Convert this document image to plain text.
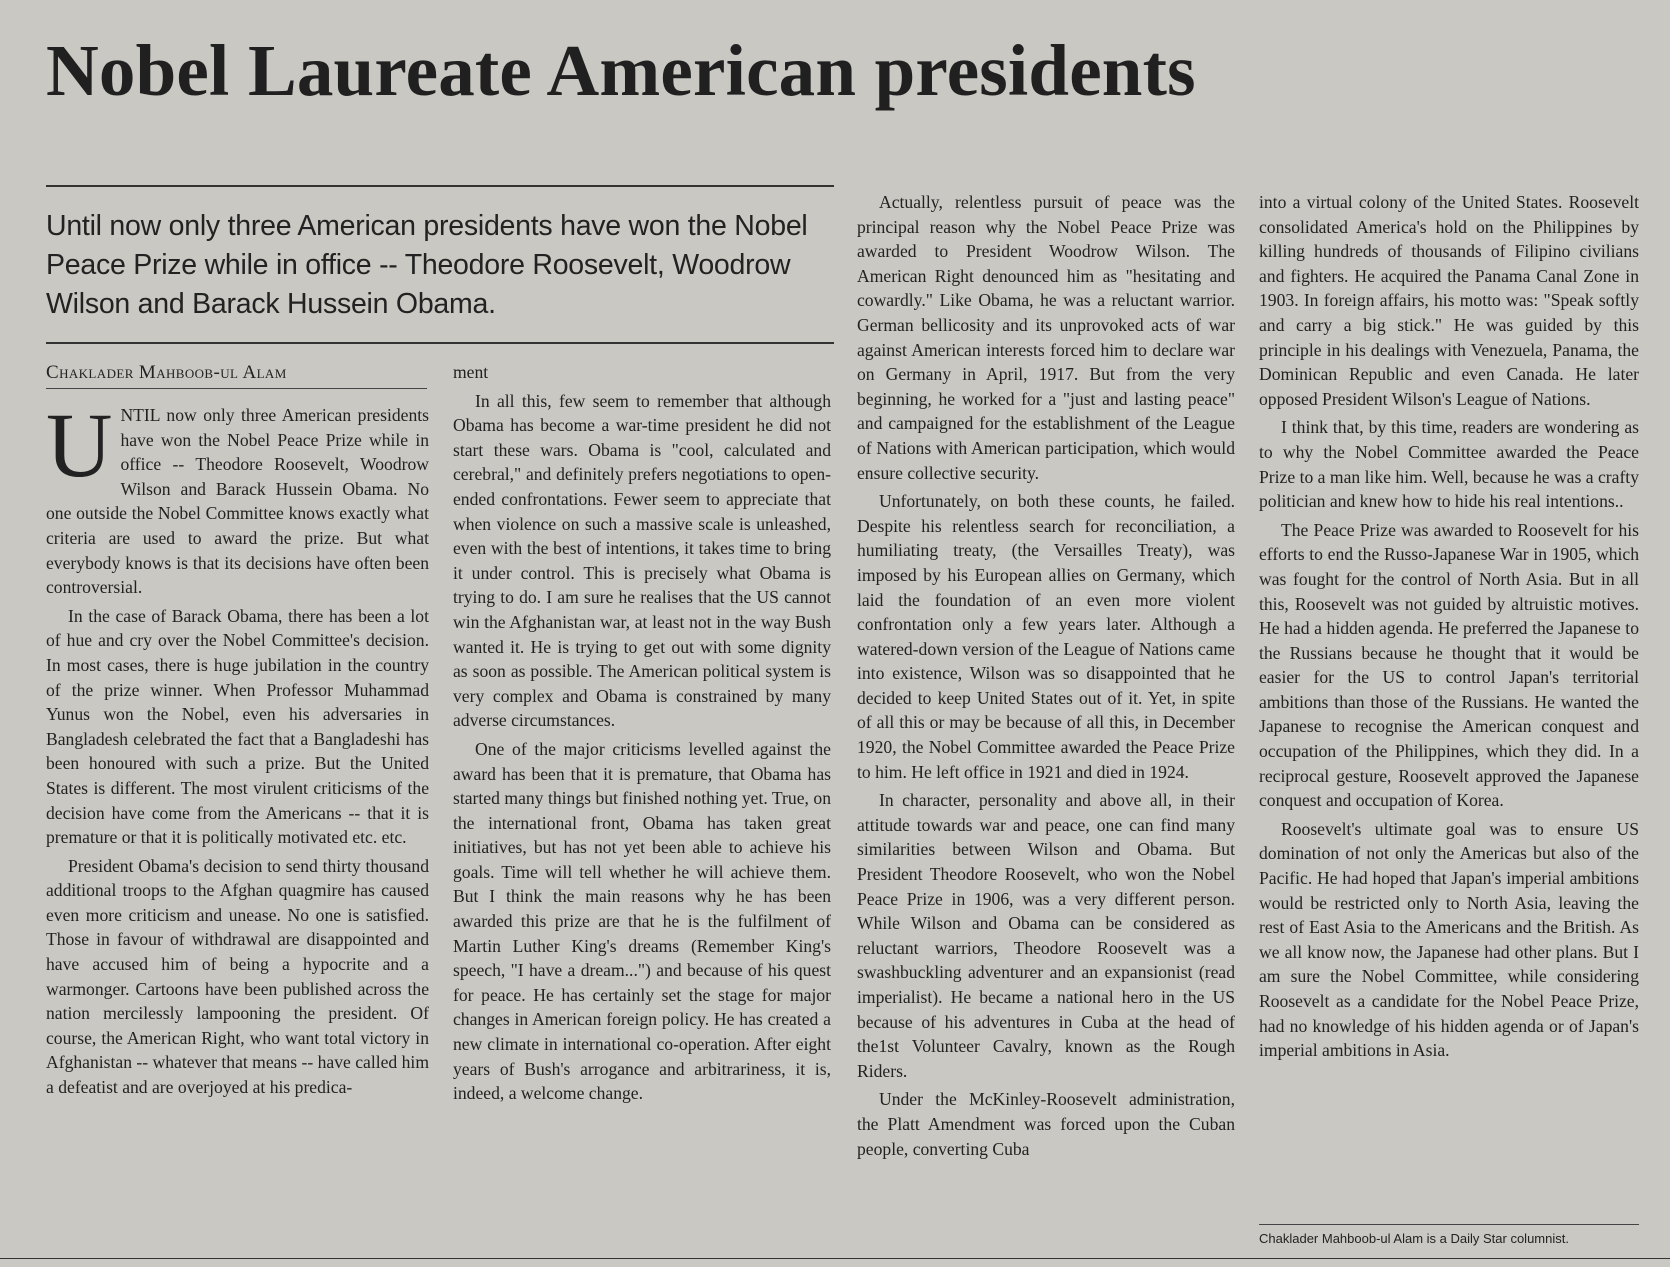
Nobel Laureate American presidents

Until now only three American presidents have won the Nobel Peace Prize while in office -- Theodore Roosevelt, Woodrow Wilson and Barack Hussein Obama.

Chaklader Mahboob-ul Alam

UNTIL now only three American presidents have won the Nobel Peace Prize while in office -- Theodore Roosevelt, Woodrow Wilson and Barack Hussein Obama. No one outside the Nobel Committee knows exactly what criteria are used to award the prize. But what everybody knows is that its decisions have often been controversial.

In the case of Barack Obama, there has been a lot of hue and cry over the Nobel Committee's decision. In most cases, there is huge jubilation in the country of the prize winner. When Professor Muhammad Yunus won the Nobel, even his adversaries in Bangladesh celebrated the fact that a Bangladeshi has been honoured with such a prize. But the United States is different. The most virulent criticisms of the decision have come from the Americans -- that it is premature or that it is politically motivated etc. etc.

President Obama's decision to send thirty thousand additional troops to the Afghan quagmire has caused even more criticism and unease. No one is satisfied. Those in favour of withdrawal are disappointed and have accused him of being a hypocrite and a warmonger. Cartoons have been published across the nation mercilessly lampooning the president. Of course, the American Right, who want total victory in Afghanistan -- whatever that means -- have called him a defeatist and are overjoyed at his predica-

ment

In all this, few seem to remember that although Obama has become a war-time president he did not start these wars. Obama is "cool, calculated and cerebral," and definitely prefers negotiations to open-ended confrontations. Fewer seem to appreciate that when violence on such a massive scale is unleashed, even with the best of intentions, it takes time to bring it under control. This is precisely what Obama is trying to do. I am sure he realises that the US cannot win the Afghanistan war, at least not in the way Bush wanted it. He is trying to get out with some dignity as soon as possible. The American political system is very complex and Obama is constrained by many adverse circumstances.

One of the major criticisms levelled against the award has been that it is premature, that Obama has started many things but finished nothing yet. True, on the international front, Obama has taken great initiatives, but has not yet been able to achieve his goals. Time will tell whether he will achieve them. But I think the main reasons why he has been awarded this prize are that he is the fulfilment of Martin Luther King's dreams (Remember King's speech, "I have a dream...") and because of his quest for peace. He has certainly set the stage for major changes in American foreign policy. He has created a new climate in international co-operation. After eight years of Bush's arrogance and arbitrariness, it is, indeed, a welcome change.

Actually, relentless pursuit of peace was the principal reason why the Nobel Peace Prize was awarded to President Woodrow Wilson. The American Right denounced him as "hesitating and cowardly." Like Obama, he was a reluctant warrior. German bellicosity and its unprovoked acts of war against American interests forced him to declare war on Germany in April, 1917. But from the very beginning, he worked for a "just and lasting peace" and campaigned for the establishment of the League of Nations with American participation, which would ensure collective security.

Unfortunately, on both these counts, he failed. Despite his relentless search for reconciliation, a humiliating treaty, (the Versailles Treaty), was imposed by his European allies on Germany, which laid the foundation of an even more violent confrontation only a few years later. Although a watered-down version of the League of Nations came into existence, Wilson was so disappointed that he decided to keep United States out of it. Yet, in spite of all this or may be because of all this, in December 1920, the Nobel Committee awarded the Peace Prize to him. He left office in 1921 and died in 1924.

In character, personality and above all, in their attitude towards war and peace, one can find many similarities between Wilson and Obama. But President Theodore Roosevelt, who won the Nobel Peace Prize in 1906, was a very different person. While Wilson and Obama can be considered as reluctant warriors, Theodore Roosevelt was a swashbuckling adventurer and an expansionist (read imperialist). He became a national hero in the US because of his adventures in Cuba at the head of the1st Volunteer Cavalry, known as the Rough Riders.

Under the McKinley-Roosevelt administration, the Platt Amendment was forced upon the Cuban people, converting Cuba

into a virtual colony of the United States. Roosevelt consolidated America's hold on the Philippines by killing hundreds of thousands of Filipino civilians and fighters. He acquired the Panama Canal Zone in 1903. In foreign affairs, his motto was: "Speak softly and carry a big stick." He was guided by this principle in his dealings with Venezuela, Panama, the Dominican Republic and even Canada. He later opposed President Wilson's League of Nations.

I think that, by this time, readers are wondering as to why the Nobel Committee awarded the Peace Prize to a man like him. Well, because he was a crafty politician and knew how to hide his real intentions..

The Peace Prize was awarded to Roosevelt for his efforts to end the Russo-Japanese War in 1905, which was fought for the control of North Asia. But in all this, Roosevelt was not guided by altruistic motives. He had a hidden agenda. He preferred the Japanese to the Russians because he thought that it would be easier for the US to control Japan's territorial ambitions than those of the Russians. He wanted the Japanese to recognise the American conquest and occupation of the Philippines, which they did. In a reciprocal gesture, Roosevelt approved the Japanese conquest and occupation of Korea.

Roosevelt's ultimate goal was to ensure US domination of not only the Americas but also of the Pacific. He had hoped that Japan's imperial ambitions would be restricted only to North Asia, leaving the rest of East Asia to the Americans and the British. As we all know now, the Japanese had other plans. But I am sure the Nobel Committee, while considering Roosevelt as a candidate for the Nobel Peace Prize, had no knowledge of his hidden agenda or of Japan's imperial ambitions in Asia.

Chaklader Mahboob-ul Alam is a Daily Star columnist.
